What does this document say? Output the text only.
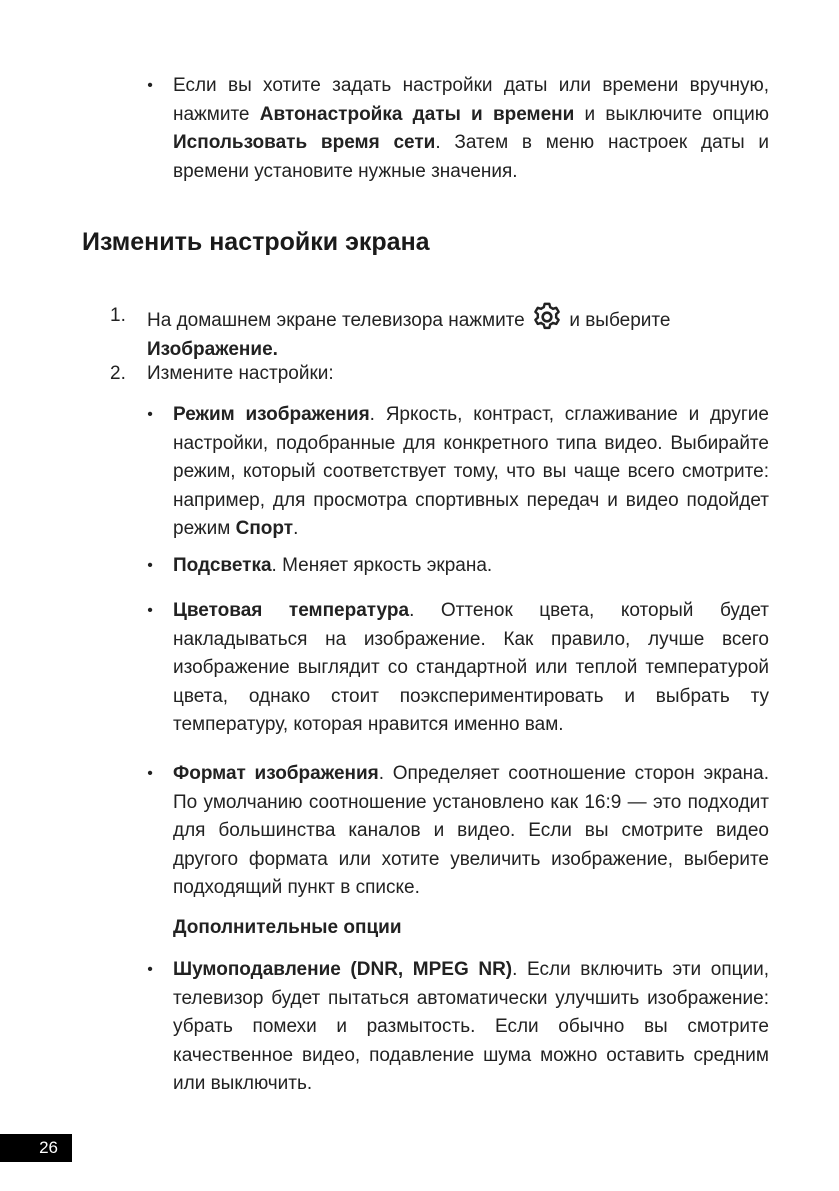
• Если вы хотите задать настройки даты или времени вручную, нажмите Автонастройка даты и времени и выключите опцию Использовать время сети. Затем в меню настроек даты и времени установите нужные значения.

Изменить настройки экрана

1.	На домашнем экране телевизора нажмите и выберите
Изображение.

2.	Измените настройки:

• Режим изображения. Яркость, контраст, сглаживание и другие настройки, подобранные для конкретного типа видео. Выбирайте режим, который соответствует тому, что вы чаще всего смотрите: например, для просмотра спортивных передач и видео подойдет режим Спорт.

• Подсветка. Меняет яркость экрана.

• Цветовая температура. Оттенок цвета, который будет накладываться на изображение. Как правило, лучше всего изображение выглядит со стандартной или теплой температурой цвета, однако стоит поэкспериментировать и выбрать ту температуру, которая нравится именно вам.

• Формат изображения. Определяет соотношение сторон экрана. По умолчанию соотношение установлено как 16:9 — это подходит для большинства каналов и видео. Если вы смотрите видео другого формата или хотите увеличить изображение, выберите подходящий пункт в списке.

Дополнительные опции

• Шумоподавление (DNR, MPEG NR). Если включить эти опции, телевизор будет пытаться автоматически улучшить изображение: убрать помехи и размытость. Если обычно вы смотрите качественное видео, подавление шума можно оставить средним или выключить.

26
